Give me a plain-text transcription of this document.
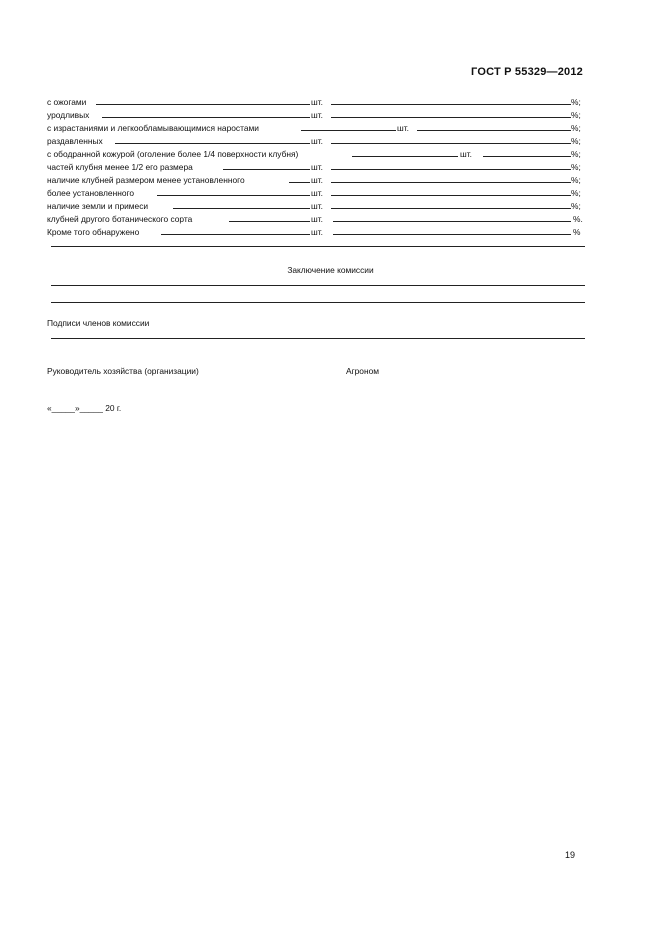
ГОСТ Р 55329—2012
с ожогами	шт.	%;
уродливых	шт.	%;
с израстаниями и легкообламывающимися наростами	шт.	%;
раздавленных	шт.	%;
с ободранной кожурой (оголение более 1/4 поверхности клубня)	шт.	%;
частей клубня менее 1/2 его размера	шт.	%;
наличие клубней размером менее установленного	шт.	%;
более установленного	шт.	%;
наличие земли и примеси	шт.	%;
клубней другого ботанического сорта	шт.	%.
Кроме того обнаружено	шт.	%
Заключение комиссии
Подписи членов комиссии
Руководитель хозяйства (организации)	Агроном
«_____»_____ 20 г.
19
